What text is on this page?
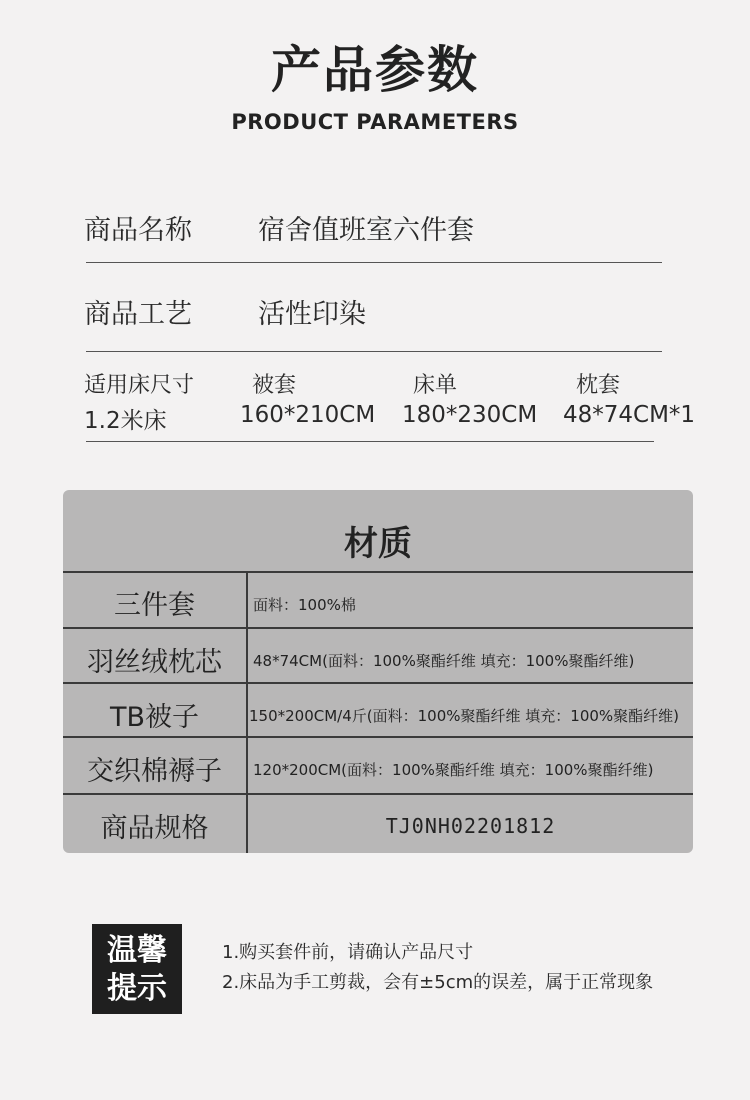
产品参数
PRODUCT PARAMETERS
商品名称 宿舍值班室六件套
商品工艺 活性印染
适用床尺寸	被套	床单	枕套
1.2米床	160*210CM 180*230CM 48*74CM*1
材质
三件套	面料：100%棉
羽丝绒枕芯	48*74CM(面料：100%聚酯纤维 填充：100%聚酯纤维)
TB被子	150*200CM/4斤(面料：100%聚酯纤维 填充：100%聚酯纤维)
交织棉褥子	120*200CM(面料：100%聚酯纤维 填充：100%聚酯纤维)
商品规格	TJ0NH02201812
温馨
提示
1.购买套件前，请确认产品尺寸
2.床品为手工剪裁，会有±5cm的误差，属于正常现象
